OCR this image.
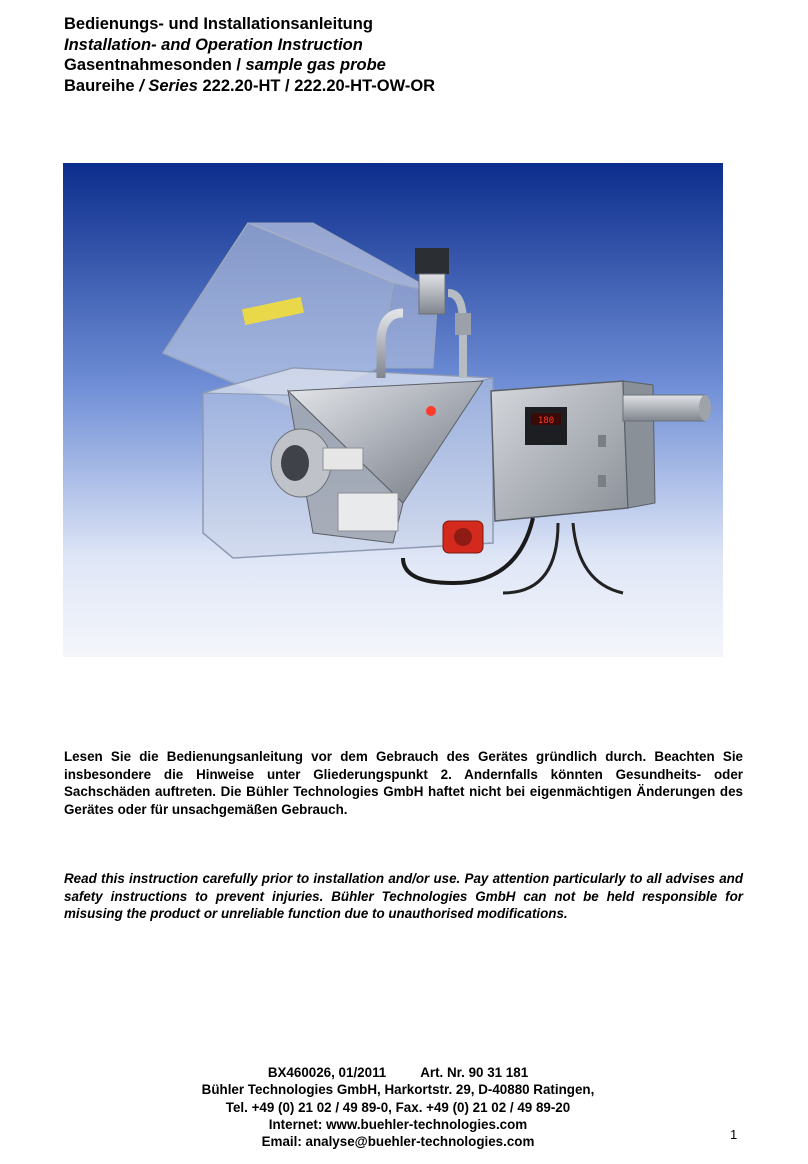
Bedienungs- und Installationsanleitung
Installation- and Operation Instruction
Gasentnahmesonden / sample gas probe
Baureihe / Series 222.20-HT / 222.20-HT-OW-OR
180
Lesen Sie die Bedienungsanleitung vor dem Gebrauch des Gerätes gründlich durch. Beachten Sie insbesondere die Hinweise unter Gliederungspunkt 2. Andernfalls könnten Gesundheits- oder Sachschäden auftreten. Die Bühler Technologies GmbH haftet nicht bei eigenmächtigen Änderungen des Gerätes oder für unsachgemäßen Gebrauch.
Read this instruction carefully prior to installation and/or use. Pay attention particularly to all advises and safety instructions to prevent injuries. Bühler Technologies GmbH can not be held responsible for misusing the product or unreliable function due to unauthorised modifications.
BX460026, 01/2011	Art. Nr. 90 31 181
Bühler Technologies GmbH, Harkortstr. 29, D-40880 Ratingen,
Tel. +49 (0) 21 02 / 49 89-0, Fax. +49 (0) 21 02 / 49 89-20
Internet: www.buehler-technologies.com
Email: analyse@buehler-technologies.com	1
